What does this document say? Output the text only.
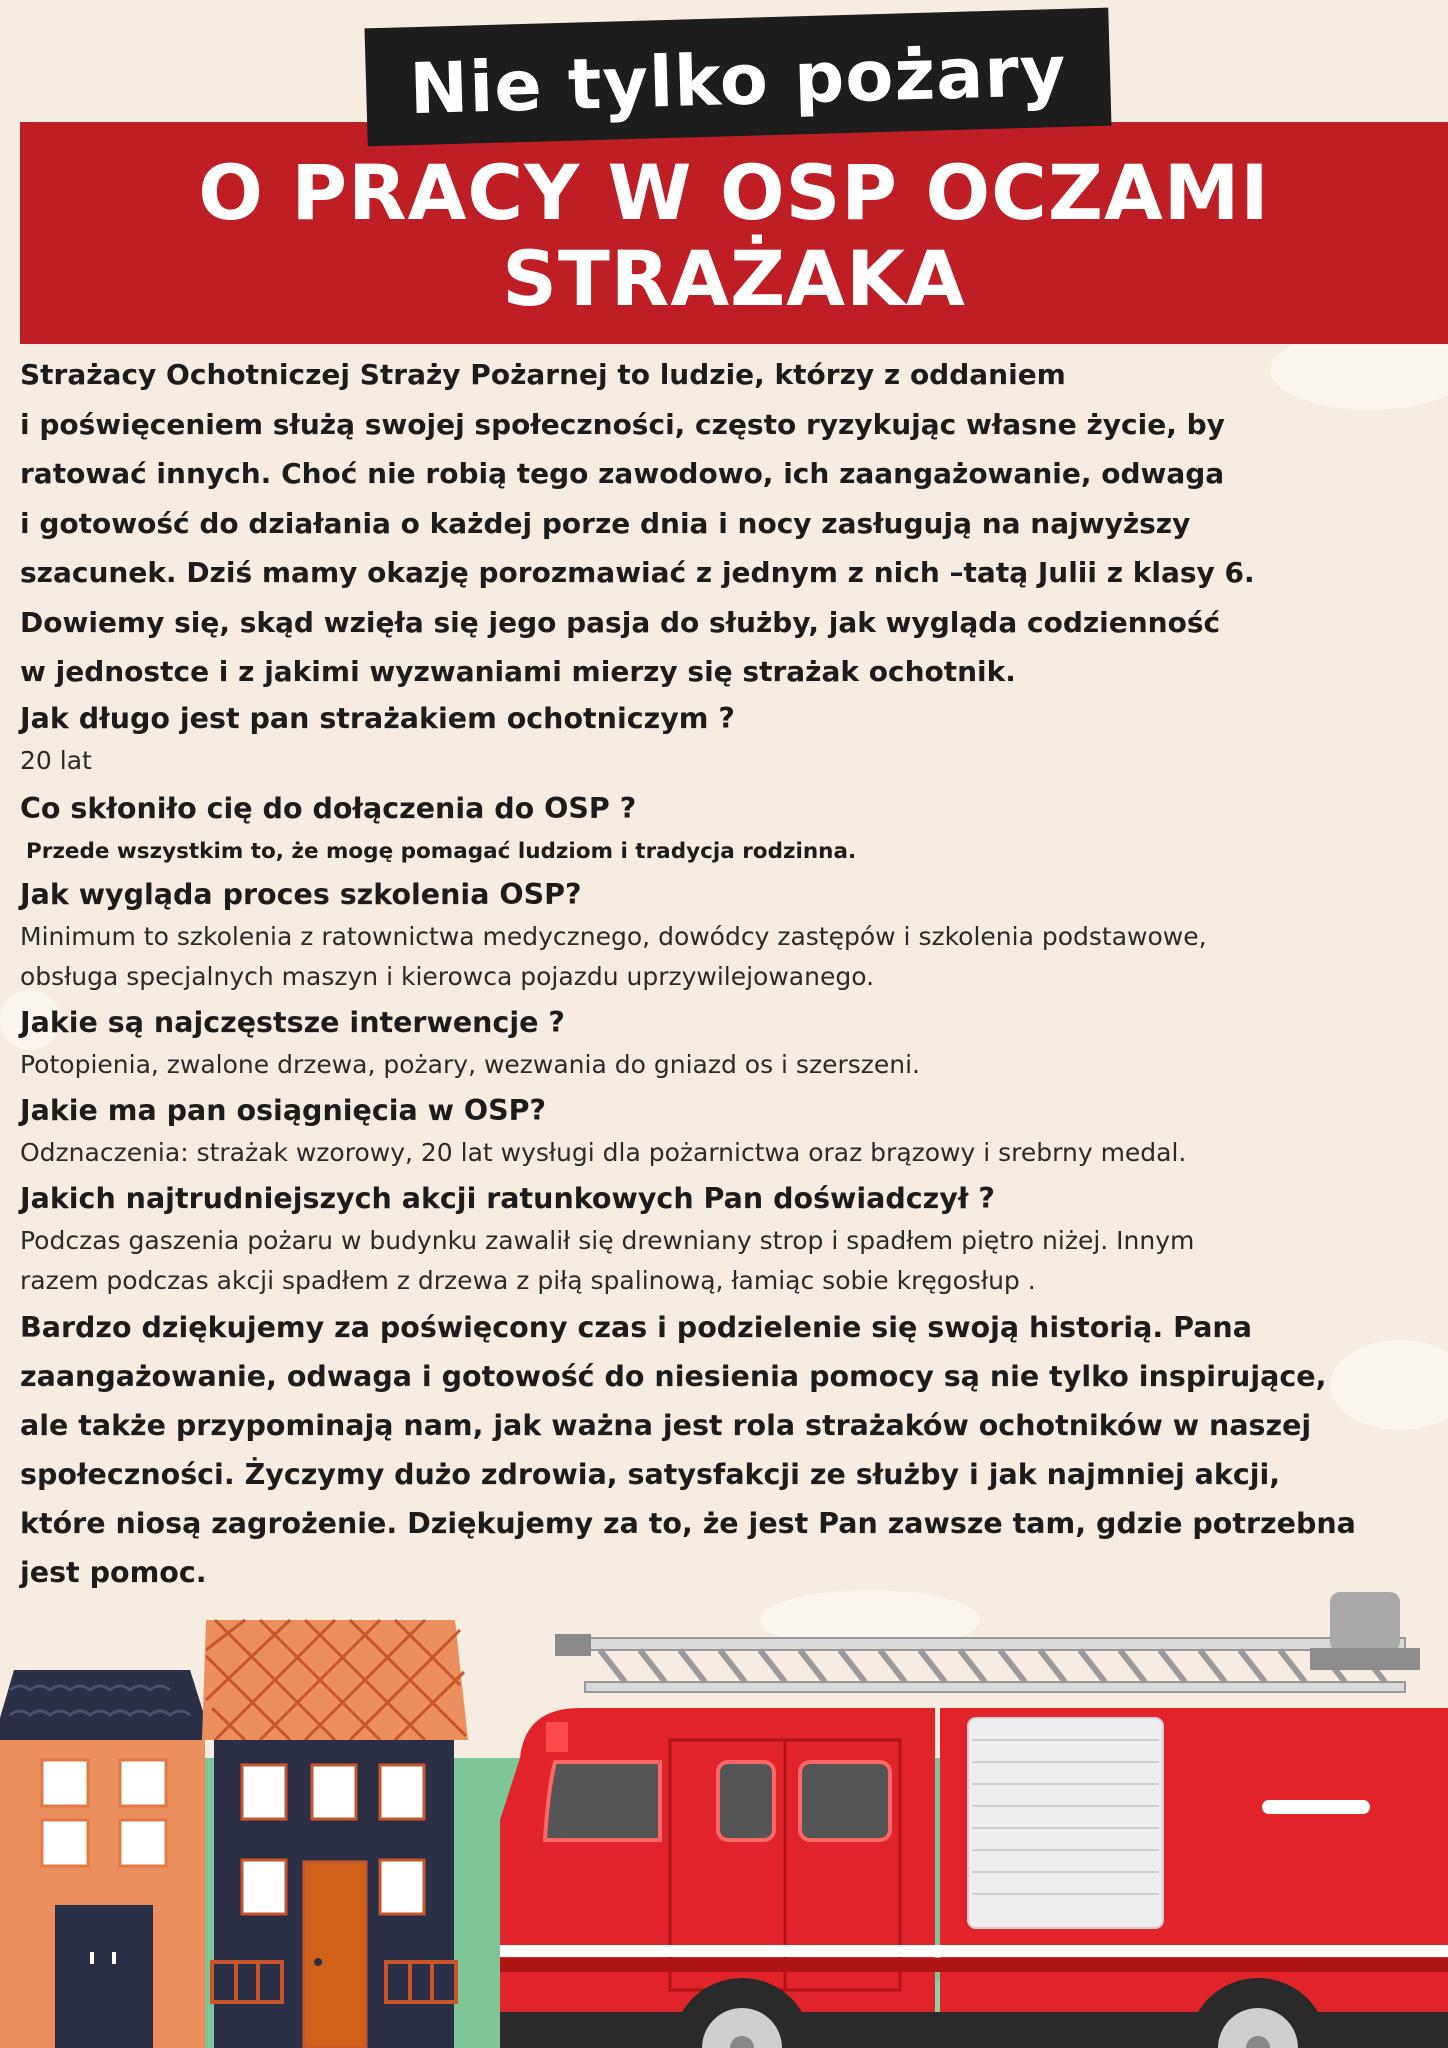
Nie tylko pożary
O PRACY W OSP OCZAMI
STRAŻAKA

Strażacy Ochotniczej Straży Pożarnej to ludzie, którzy z oddaniem

i poświęceniem służą swojej społeczności, często ryzykując własne życie, by

ratować innych. Choć nie robią tego zawodowo, ich zaangażowanie, odwaga

i gotowość do działania o każdej porze dnia i nocy zasługują na najwyższy

szacunek. Dziś mamy okazję porozmawiać z jednym z nich –tatą Julii z klasy 6.

Dowiemy się, skąd wzięła się jego pasja do służby, jak wygląda codzienność

w jednostce i z jakimi wyzwaniami mierzy się strażak ochotnik.

Jak długo jest pan strażakiem ochotniczym ?

20 lat

Co skłoniło cię do dołączenia do OSP ?

Przede wszystkim to, że mogę pomagać ludziom i tradycja rodzinna.

Jak wygląda proces szkolenia OSP?

Minimum to szkolenia z ratownictwa medycznego, dowódcy zastępów i szkolenia podstawowe,

obsługa specjalnych maszyn i kierowca pojazdu uprzywilejowanego.

Jakie są najczęstsze interwencje ?

Potopienia, zwalone drzewa, pożary, wezwania do gniazd os i szerszeni.

Jakie ma pan osiągnięcia w OSP?

Odznaczenia: strażak wzorowy, 20 lat wysługi dla pożarnictwa oraz brązowy i srebrny medal.

Jakich najtrudniejszych akcji ratunkowych Pan doświadczył ?

Podczas gaszenia pożaru w budynku zawalił się drewniany strop i spadłem piętro niżej. Innym

razem podczas akcji spadłem z drzewa z piłą spalinową, łamiąc sobie kręgosłup .

Bardzo dziękujemy za poświęcony czas i podzielenie się swoją historią. Pana

zaangażowanie, odwaga i gotowość do niesienia pomocy są nie tylko inspirujące,

ale także przypominają nam, jak ważna jest rola strażaków ochotników w naszej

społeczności. Życzymy dużo zdrowia, satysfakcji ze służby i jak najmniej akcji,

które niosą zagrożenie. Dziękujemy za to, że jest Pan zawsze tam, gdzie potrzebna

jest pomoc.
